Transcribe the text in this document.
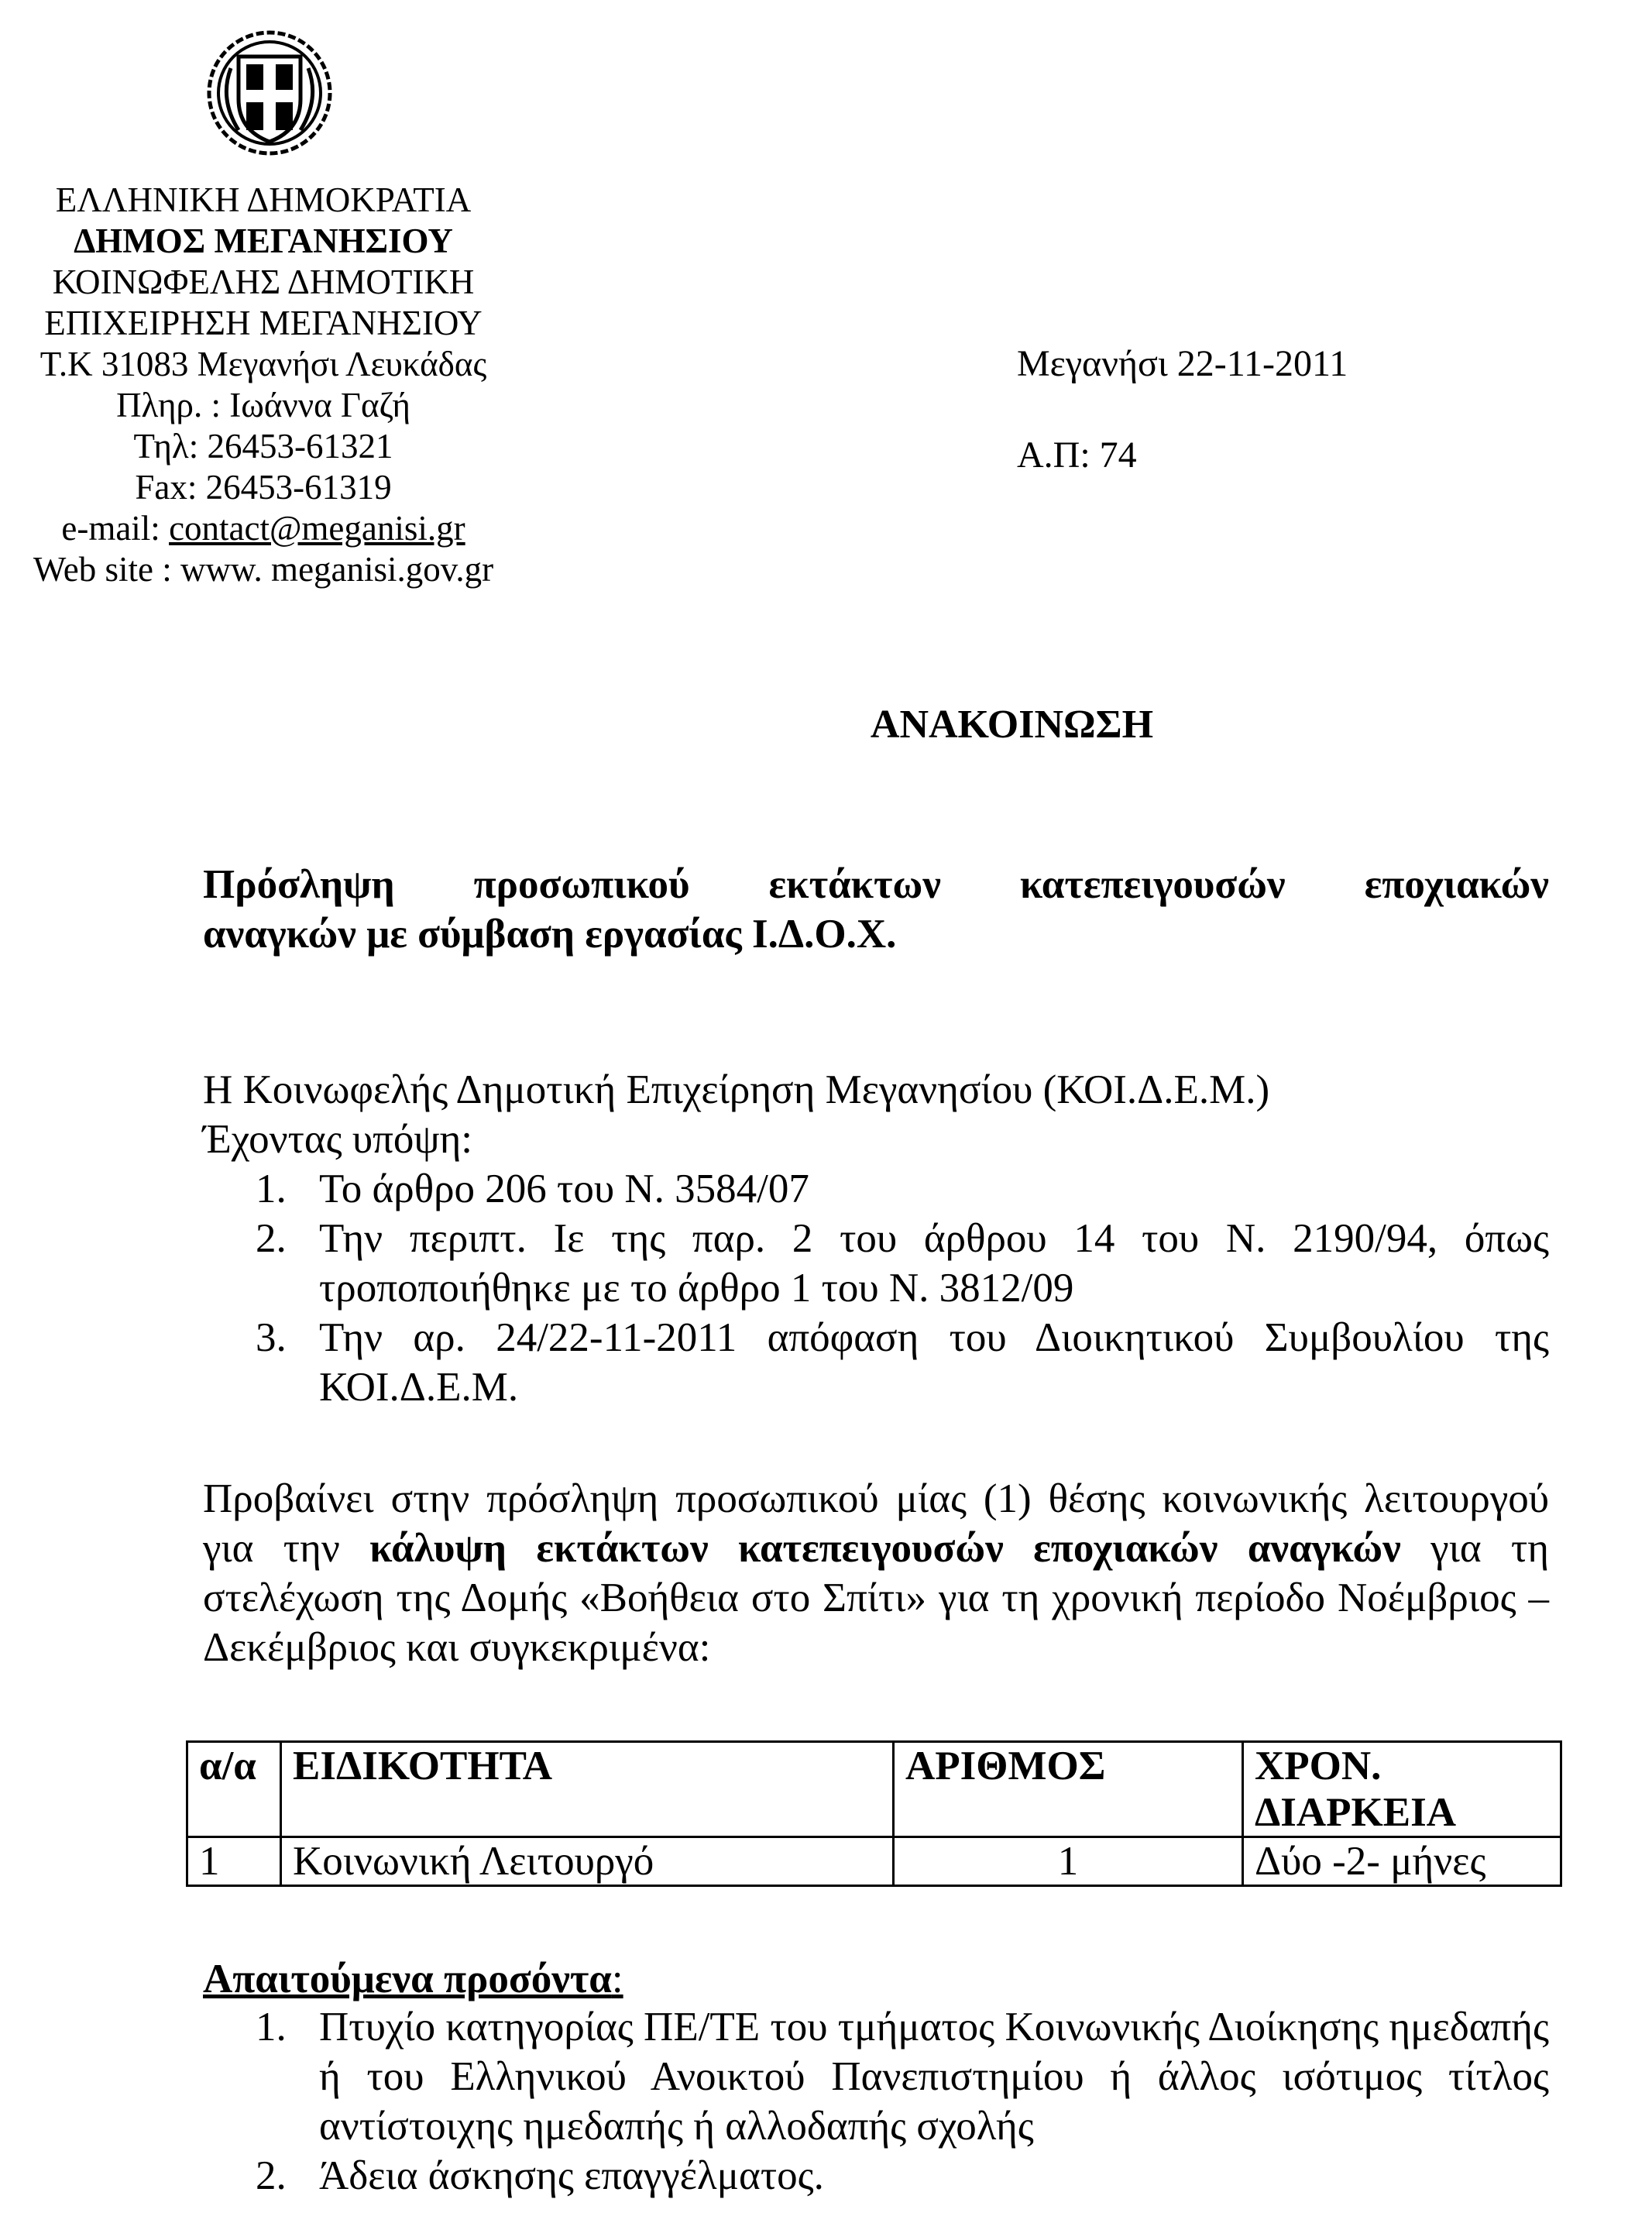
ΕΛΛΗΝΙΚΗ ΔΗΜΟΚΡΑΤΙΑ
ΔΗΜΟΣ ΜΕΓΑΝΗΣΙΟΥ
ΚΟΙΝΩΦΕΛΗΣ ΔΗΜΟΤΙΚΗ
ΕΠΙΧΕΙΡΗΣΗ ΜΕΓΑΝΗΣΙΟΥ
Τ.Κ 31083 Μεγανήσι Λευκάδας
Πληρ. : Ιωάννα Γαζή
Τηλ: 26453-61321
Fax: 26453-61319
e-mail: contact@meganisi.gr
Web site : www. meganisi.gov.gr
Μεγανήσι 22-11-2011
Α.Π: 74
ΑΝΑΚΟΙΝΩΣΗ
Πρόσληψη προσωπικού εκτάκτων κατεπειγουσών εποχιακών
αναγκών με σύμβαση εργασίας Ι.Δ.Ο.Χ.
Η Κοινωφελής Δημοτική Επιχείρηση Μεγανησίου (ΚΟΙ.Δ.Ε.Μ.)
Έχοντας υπόψη:
1. Το άρθρο 206 του Ν. 3584/07
2. Την περιπτ. Ιε της παρ. 2 του άρθρου 14 του Ν. 2190/94, όπως τροποποιήθηκε με το άρθρο 1 του Ν. 3812/09
3. Την αρ. 24/22-11-2011 απόφαση του Διοικητικού Συμβουλίου της ΚΟΙ.Δ.Ε.Μ.
Προβαίνει στην πρόσληψη προσωπικού μίας (1) θέσης κοινωνικής λειτουργού για την κάλυψη εκτάκτων κατεπειγουσών εποχιακών αναγκών για τη στελέχωση της Δομής «Βοήθεια στο Σπίτι» για τη χρονική περίοδο Νοέμβριος – Δεκέμβριος και συγκεκριμένα:
α/α	ΕΙΔΙΚΟΤΗΤΑ	ΑΡΙΘΜΟΣ	ΧΡΟΝ. ΔΙΑΡΚΕΙΑ
1	Κοινωνική Λειτουργό	1	Δύο -2- μήνες
Απαιτούμενα προσόντα:
1. Πτυχίο κατηγορίας ΠΕ/ΤΕ του τμήματος Κοινωνικής Διοίκησης ημεδαπής ή του Ελληνικού Ανοικτού Πανεπιστημίου ή άλλος ισότιμος τίτλος αντίστοιχης ημεδαπής ή αλλοδαπής σχολής
2. Άδεια άσκησης επαγγέλματος.
